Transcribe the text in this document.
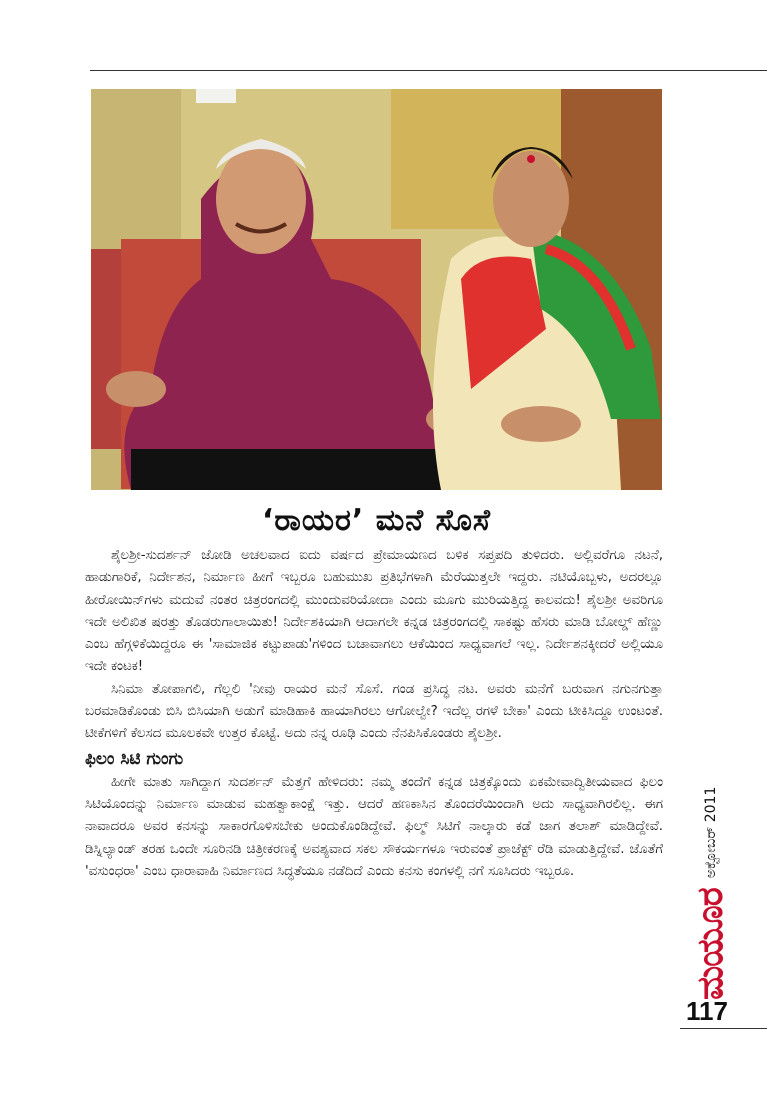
‘ರಾಯರ’ ಮನೆ ಸೊಸೆ

ಶೈಲಶ್ರೀ-ಸುದರ್ಶನ್ ಜೋಡಿ ಅಚಲವಾದ ಐದು ವರ್ಷದ ಪ್ರೇಮಾಯಣದ ಬಳಿಕ ಸಪ್ತಪದಿ ತುಳಿದರು. ಅಲ್ಲಿವರೆಗೂ ನಟನೆ, ಹಾಡುಗಾರಿಕೆ, ನಿರ್ದೇಶನ, ನಿರ್ಮಾಣ ಹೀಗೆ ಇಬ್ಬರೂ ಬಹುಮುಖ ಪ್ರತಿಭೆಗಳಾಗಿ ಮೆರೆಯುತ್ತಲೇ ಇದ್ದರು. ನಟಿಯೊಬ್ಬಳು, ಅದರಲ್ಲೂ ಹೀರೋಯಿನ್‌ಗಳು ಮದುವೆ ನಂತರ ಚಿತ್ರರಂಗದಲ್ಲಿ ಮುಂದುವರಿಯೋದಾ ಎಂದು ಮೂಗು ಮುರಿಯತ್ತಿದ್ದ ಕಾಲವದು! ಶೈಲಶ್ರೀ ಅವರಿಗೂ ಇದೇ ಅಲಿಖಿತ ಷರತ್ತು ತೊಡರುಗಾಲಾಯಿತು! ನಿರ್ದೇಶಕಿಯಾಗಿ ಆದಾಗಲೇ ಕನ್ನಡ ಚಿತ್ರರಂಗದಲ್ಲಿ ಸಾಕಷ್ಟು ಹೆಸರು ಮಾಡಿ ಬೋಲ್ಡ್ ಹೆಣ್ಣು ಎಂಬ ಹೆಗ್ಗಳಿಕೆಯಿದ್ದರೂ ಈ 'ಸಾಮಾಜಿಕ ಕಟ್ಟುಪಾಡು'ಗಳಿಂದ ಬಚಾವಾಗಲು ಆಕೆಯಿಂದ ಸಾಧ್ಯವಾಗಲೆ ಇಲ್ಲ. ನಿರ್ದೇಶನಕ್ಕೀದರೆ ಅಲ್ಲಿಯೂ ಇದೇ ಕಂಟಕ!

ಸಿನಿಮಾ ತೋಪಾಗಲಿ, ಗೆಲ್ಲಲಿ 'ನೀವು ರಾಯರ ಮನೆ ಸೊಸೆ. ಗಂಡ ಪ್ರಸಿದ್ಧ ನಟ. ಅವರು ಮನೆಗೆ ಬರುವಾಗ ನಗುನಗುತ್ತಾ ಬರಮಾಡಿಕೊಂಡು ಬಿಸಿ ಬಿಸಿಯಾಗಿ ಅಡುಗೆ ಮಾಡಿಹಾಕಿ ಹಾಯಾಗಿರಲು ಆಗೋಲ್ವೇ? ಇದೆಲ್ಲ ರಗಳೆ ಬೇಕಾ' ಎಂದು ಟೀಕಿಸಿದ್ದೂ ಉಂಟಂತೆ. ಟೀಕೆಗಳಿಗೆ ಕೆಲಸದ ಮೂಲಕವೇ ಉತ್ತರ ಕೊಟ್ಟೆ. ಅದು ನನ್ನ ರೂಢಿ ಎಂದು ನೆನಪಿಸಿಕೊಂಡರು ಶೈಲಶ್ರೀ.

ಫಿಲಂ ಸಿಟಿ ಗುಂಗು

ಹೀಗೇ ಮಾತು ಸಾಗಿದ್ದಾಗ ಸುದರ್ಶನ್ ಮೆತ್ತಗೆ ಹೇಳಿದರು: ನಮ್ಮ ತಂದೆಗೆ ಕನ್ನಡ ಚಿತ್ರಕ್ಕೊಂದು ಏಕಮೇವಾದ್ವಿತೀಯವಾದ ಫಿಲಂ ಸಿಟಿಯೊಂದನ್ನು ನಿರ್ಮಾಣ ಮಾಡುವ ಮಹತ್ವಾಕಾಂಕ್ಷೆ ಇತ್ತು. ಆದರೆ ಹಣಕಾಸಿನ ತೊಂದರೆಯಿಂದಾಗಿ ಅದು ಸಾಧ್ಯವಾಗಿರಲಿಲ್ಲ. ಈಗ ನಾವಾದರೂ ಅವರ ಕನಸನ್ನು ಸಾಕಾರಗೊಳಿಸಬೇಕು ಅಂದುಕೊಂಡಿದ್ದೇವೆ. ಫಿಲ್ಮ್ ಸಿಟಿಗೆ ನಾಲ್ಕಾರು ಕಡೆ ಜಾಗ ತಲಾಶ್ ಮಾಡಿದ್ದೇವೆ. ಡಿಸ್ನಿಲ್ಯಾಂಡ್ ತರಹ ಒಂದೇ ಸೂರಿನಡಿ ಚಿತ್ರೀಕರಣಕ್ಕೆ ಅವಶ್ಯವಾದ ಸಕಲ ಸೌಕರ್ಯಗಳೂ ಇರುವಂತೆ ಪ್ರಾಜೆಕ್ಟ್ ರೆಡಿ ಮಾಡುತ್ತಿದ್ದೇವೆ. ಜೊತೆಗೆ 'ವಸುಂಧರಾ' ಎಂಬ ಧಾರಾವಾಹಿ ನಿರ್ಮಾಣದ ಸಿದ್ಧತೆಯೂ ನಡೆದಿದೆ ಎಂದು ಕನಸು ಕಂಗಳಲ್ಲಿ ನಗೆ ಸೂಸಿದರು ಇಬ್ಬರೂ.

ಮಯೂರ
ಅಕ್ಟೋಬರ್ 2011
117
